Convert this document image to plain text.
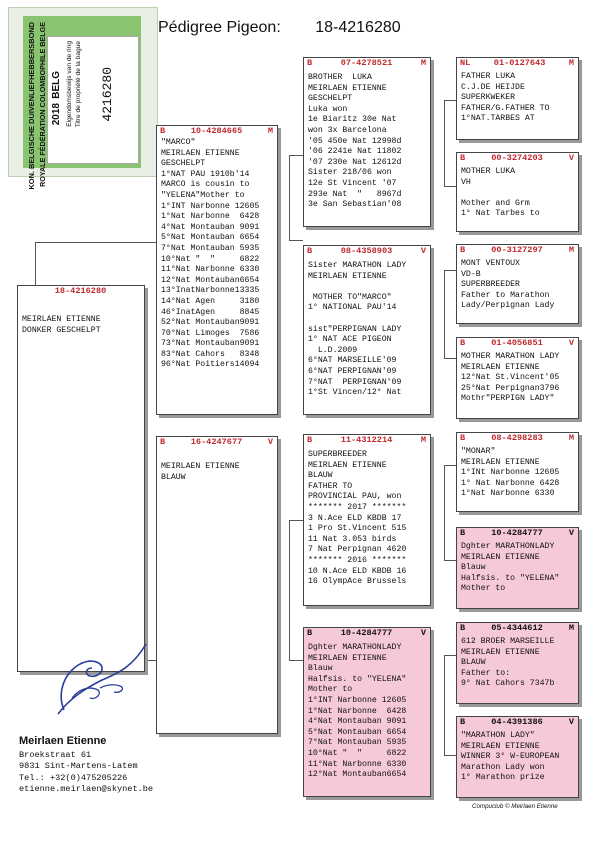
Pédigree Pigeon: 18-4216280
KON. BELGISCHE DUIVENLIEFHEBBERSBOND ROYALE FÉDÉRATION COLOMBOPHILE BELGE 2018
BELG Eigendomsbewijs van de ring Titre de propriété de la bague 4216280
18-4216280
MEIRLAEN ETIENNE
DONKER GESCHELPT
B	10-4284665	M
"MARCO"
MEIRLAEN ETIENNE
GESCHELPT
1°NAT PAU 1910b'14
MARCO is cousin to
"YELENA"Mother to
1°INT Narbonne 12605
1°Nat Narbonne  6428
4°Nat Montauban 9091
5°Nat Montauban 6654
7°Nat Montauban 5935
10°Nat "  "     6822
11°Nat Narbonne 6330
12°Nat Montauban6654
13°InatNarbonne13335
14°Nat Agen     3180
46°InatAgen     8845
52°Nat Montauban9091
70°Nat Limoges  7586
73°Nat Montauban9091
83°Nat Cahors   8348
96°Nat Poitiers14094
B	16-4247677	V
MEIRLAEN ETIENNE
BLAUW
B	07-4278521	M
BROTHER  LUKA
MEIRLAEN ETIENNE
GESCHELPT
Luka won
1e Biaritz 30e Nat
won 3x Barcelona
'05 450e Nat 12998d
'06 2241e Nat 11802
'07 230e Nat 12612d
Sister 218/06 won
12e St Vincent '07
293e Nat  "   8967d
3e San Sebastian'08
B	08-4358903	V
Sister MARATHON LADY
MEIRLAEN ETIENNE

MOTHER TO"MARCO"
1° NATIONAL PAU'14

sist"PERPIGNAN LADY
1° NAT ACE PIGEON
L.D.2009
6°NAT MARSEILLE'09
6°NAT PERPIGNAN'09
7°NAT  PERPIGNAN'09
1°St Vincen/12° Nat
B	11-4312214	M
SUPERBREEDER
MEIRLAEN ETIENNE
BLAUW
FATHER TO
PROVINCIAL PAU, won
******* 2017 *******
3 N.Ace ELD KBDB 17
1 Pro St.Vincent 515
11 Nat 3.053 birds
7 Nat Perpignan 4620
******* 2016 *******
10 N.Ace ELD KBDB 16
16 OlympAce Brussels
B	10-4284777	V
Dghter MARATHONLADY
MEIRLAEN ETIENNE
Blauw
Halfsis. to "YELENA"
Mother to
1°INT Narbonne 12605
1°Nat Narbonne  6428
4°Nat Montauban 9091
5°Nat Montauban 6654
7°Nat Montauban 5935
10°Nat "  "     6822
11°Nat Narbonne 6330
12°Nat Montauban6654
NL	01-0127643	M
FATHER LUKA
C.J.DE HEIJDE
SUPERKWEKER
FATHER/G.FATHER TO
1°NAT.TARBES AT
B	00-3274203	V
MOTHER LUKA
VH

Mother and Grm
1° Nat Tarbes to
B	00-3127297	M
MONT VENTOUX
VD-B
SUPERBREEDER
Father to Marathon
Lady/Perpignan Lady
B	01-4056851	V
MOTHER MARATHON LADY
MEIRLAEN ETIENNE
12°Nat St.Vincent'05
25°Nat Perpignan3796
Mothr"PERPIGN LADY"
B	08-4298283	M
"MONAR"
MEIRLAEN ETIENNE
1°INt Narbonne 12605
1° Nat Narbonne 6428
1°Nat Narbonne 6330
B	10-4284777	V
Dghter MARATHONLADY
MEIRLAEN ETIENNE
Blauw
Halfsis. to "YELENA"
Mother to
B	05-4344612	M
612 BROER MARSEILLE
MEIRLAEN ETIENNE
BLAUW
Father to:
9° Nat Cahors 7347b
B	04-4391386	V
"MARATHON LADY"
MEIRLAEN ETIENNE
WINNER 3° W-EUROPEAN
Marathon Lady won
1° Marathon prize
Meirlaen Etienne
Broekstraat 61
9831 Sint-Martens-Latem
Tel.: +32(0)475205226
etienne.meirlaen@skynet.be
Compuclub © Meirlaen Etienne
